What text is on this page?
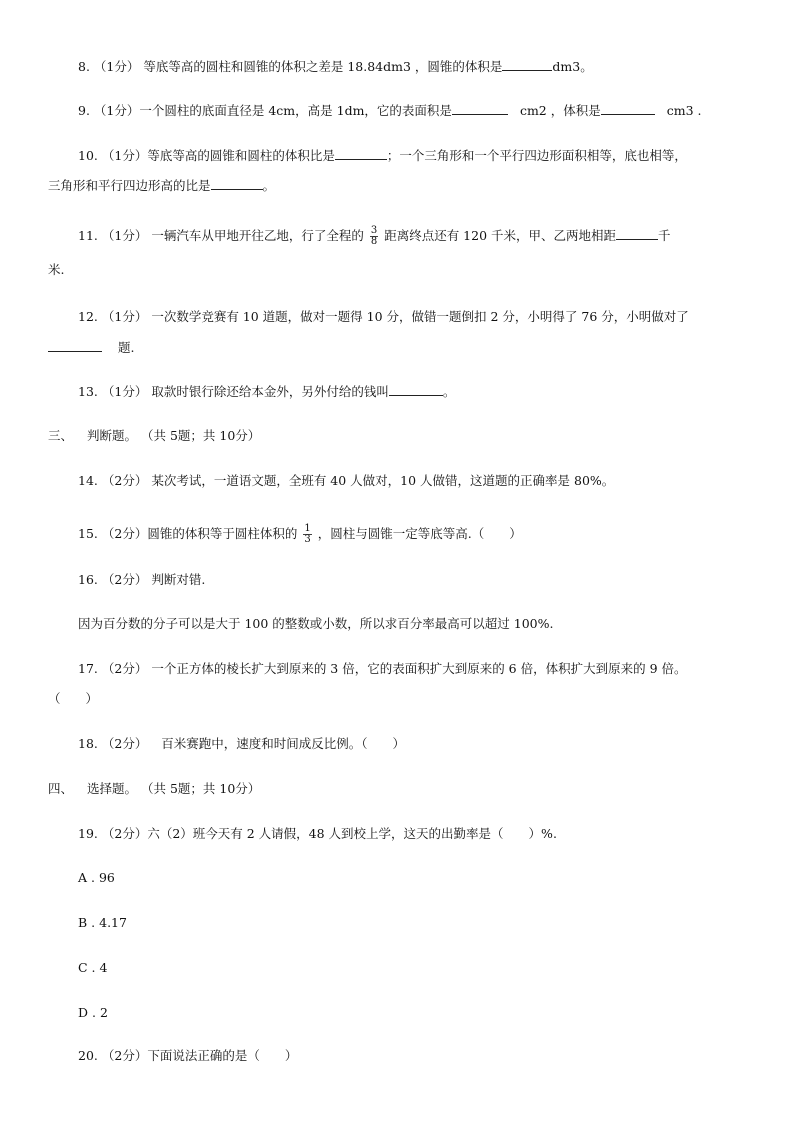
8. （1分） 等底等高的圆柱和圆锥的体积之差是 18.84dm3 ，圆锥的体积是	dm3。
9. （1分）一个圆柱的底面直径是 4cm，高是 1dm，它的表面积是	cm2 ，体积是	cm3 .
10. （1分）等底等高的圆锥和圆柱的体积比是	；一个三角形和一个平行四边形面积相等，底也相等，
三角形和平行四边形高的比是	。
11. （1分） 一辆汽车从甲地开往乙地，行了全程的 $\frac{3}{8}$ 距离终点还有 120 千米，甲、乙两地相距	千
米.
12. （1分） 一次数学竞赛有 10 道题，做对一题得 10 分，做错一题倒扣 2 分，小明得了 76 分，小明做对了
题.
13. （1分） 取款时银行除还给本金外，另外付给的钱叫	。
三、 判断题。 （共 5题；共 10分）
14. （2分） 某次考试，一道语文题，全班有 40 人做对，10 人做错，这道题的正确率是 80%。
15. （2分）圆锥的体积等于圆柱体积的 $\frac{1}{3}$ ，圆柱与圆锥一定等底等高.（　　）
16. （2分） 判断对错.
因为百分数的分子可以是大于 100 的整数或小数，所以求百分率最高可以超过 100%.
17. （2分） 一个正方体的棱长扩大到原来的 3 倍，它的表面积扩大到原来的 6 倍，体积扩大到原来的 9 倍。
（　　）
18. （2分） 百米赛跑中，速度和时间成反比例。（　　）
四、 选择题。 （共 5题；共 10分）
19. （2分）六（2）班今天有 2 人请假，48 人到校上学，这天的出勤率是（　　）%.
A . 96
B . 4.17
C . 4
D . 2
20. （2分）下面说法正确的是（　　）
